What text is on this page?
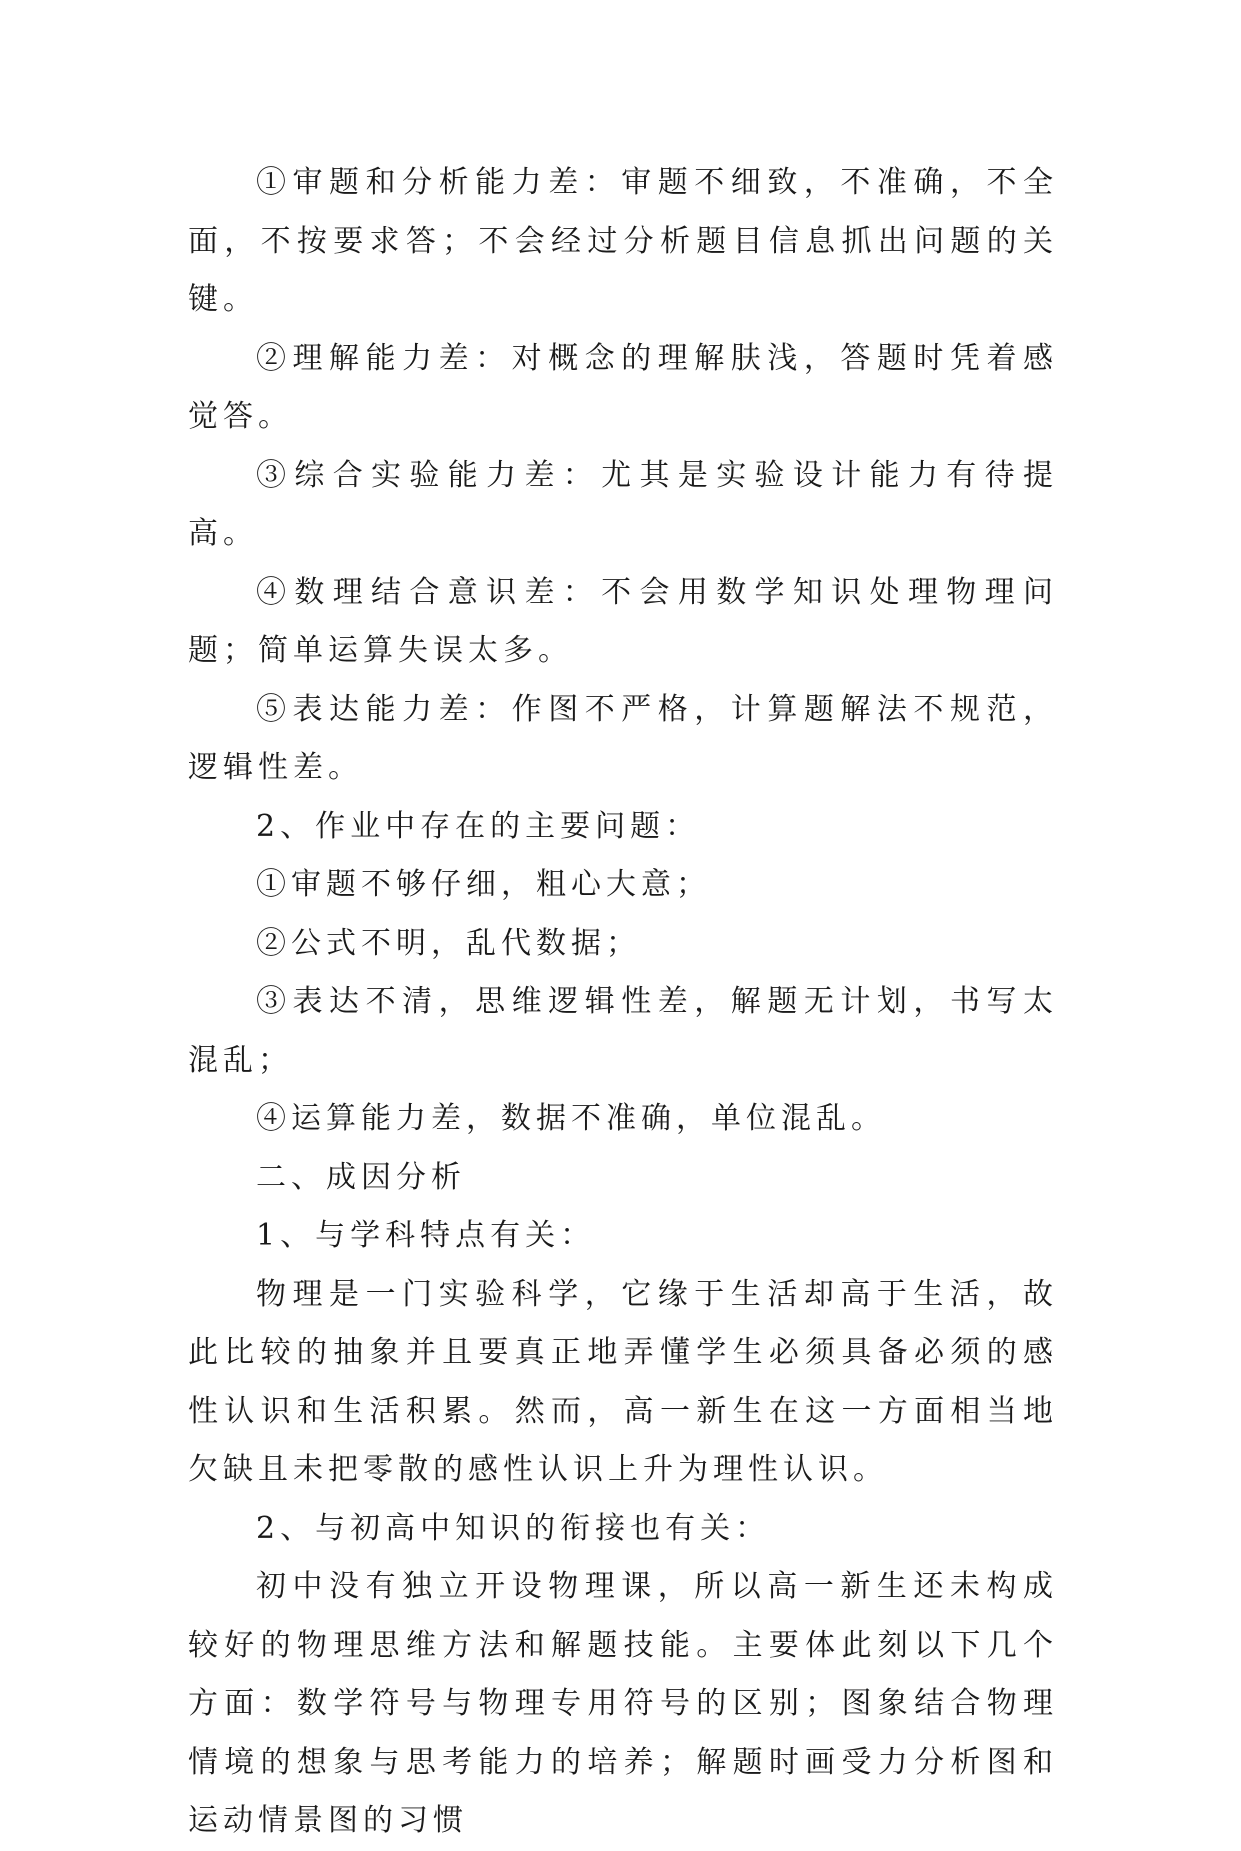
①审题和分析能力差：审题不细致，不准确，不全面，不按要求答；不会经过分析题目信息抓出问题的关键。

②理解能力差：对概念的理解肤浅，答题时凭着感觉答。

③综合实验能力差：尤其是实验设计能力有待提高。

④数理结合意识差：不会用数学知识处理物理问题；简单运算失误太多。

⑤表达能力差：作图不严格，计算题解法不规范，逻辑性差。

2、作业中存在的主要问题：

①审题不够仔细，粗心大意；

②公式不明，乱代数据；

③表达不清，思维逻辑性差，解题无计划，书写太混乱；

④运算能力差，数据不准确，单位混乱。

二、成因分析

1、与学科特点有关：

物理是一门实验科学，它缘于生活却高于生活，故此比较的抽象并且要真正地弄懂学生必须具备必须的感性认识和生活积累。然而，高一新生在这一方面相当地欠缺且未把零散的感性认识上升为理性认识。

2、与初高中知识的衔接也有关：

初中没有独立开设物理课，所以高一新生还未构成较好的物理思维方法和解题技能。主要体此刻以下几个方面：数学符号与物理专用符号的区别；图象结合物理情境的想象与思考能力的培养；解题时画受力分析图和运动情景图的习惯
